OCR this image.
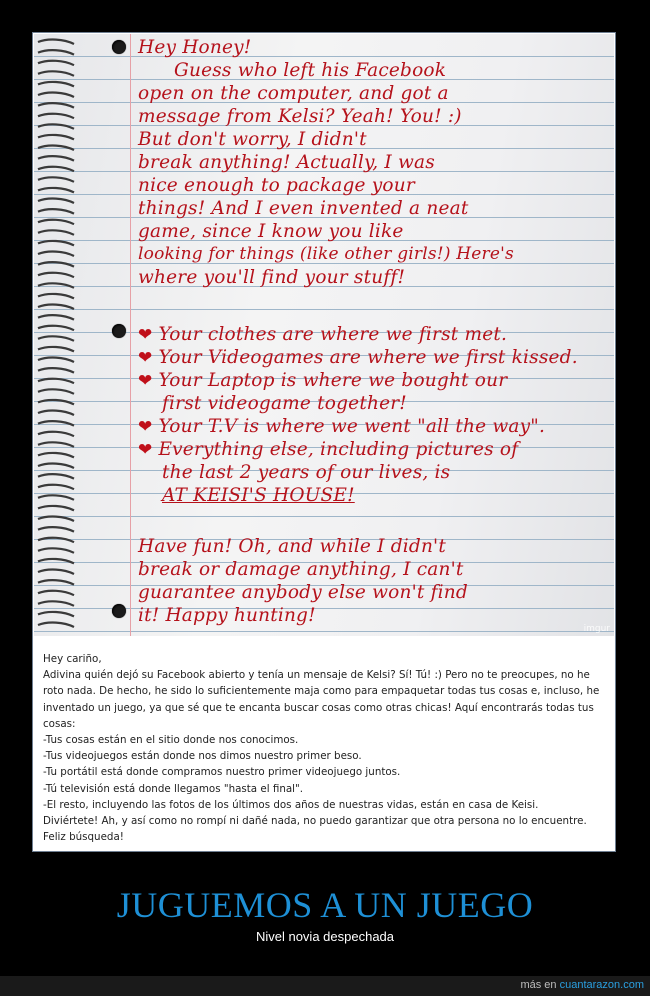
Hey Honey!
Guess who left his Facebook
open on the computer, and got a
message from Kelsi? Yeah! You! :)
But don't worry, I didn't
break anything! Actually, I was
nice enough to package your
things! And I even invented a neat
game, since I know you like
looking for things (like other girls!) Here's
where you'll find your stuff!
❤ Your clothes are where we first met.
❤ Your Videogames are where we first kissed.
❤ Your Laptop is where we bought our
first videogame together!
❤ Your T.V is where we went "all the way".
❤ Everything else, including pictures of
the last 2 years of our lives, is
AT KEISI'S HOUSE!
Have fun! Oh, and while I didn't
break or damage anything, I can't
guarantee anybody else won't find
it! Happy hunting!
imgur

Hey cariño,

Adivina quién dejó su Facebook abierto y tenía un mensaje de Kelsi? Sí! Tú! :) Pero no te preocupes, no he roto nada. De hecho, he sido lo suficientemente maja como para empaquetar todas tus cosas e, incluso, he inventado un juego, ya que sé que te encanta buscar cosas como otras chicas! Aquí encontrarás todas tus cosas:

-Tus cosas están en el sitio donde nos conocimos.

-Tus videojuegos están donde nos dimos nuestro primer beso.

-Tu portátil está donde compramos nuestro primer videojuego juntos.

-Tú televisión está donde llegamos "hasta el final".

-El resto, incluyendo las fotos de los últimos dos años de nuestras vidas, están en casa de Keisi.

Diviértete! Ah, y así como no rompí ni dañé nada, no puedo garantizar que otra persona no lo encuentre. Feliz búsqueda!

JUGUEMOS A UN JUEGO
Nivel novia despechada
más en cuantarazon.com
